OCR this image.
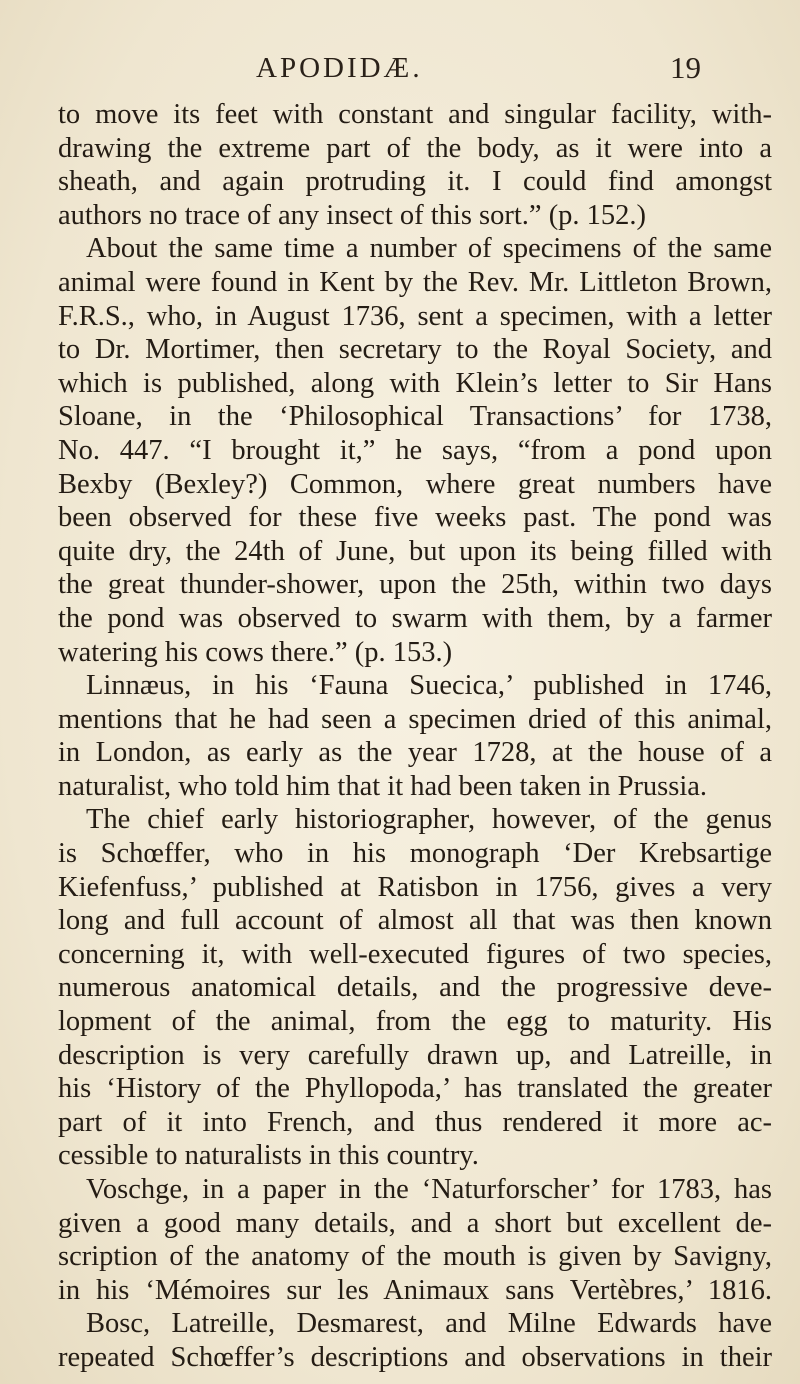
APODIDÆ.	19
to move its feet with constant and singular facility, with-
drawing the extreme part of the body, as it were into a
sheath, and again protruding it. I could find amongst
authors no trace of any insect of this sort.” (p. 152.)
About the same time a number of specimens of the same
animal were found in Kent by the Rev. Mr. Littleton Brown,
F.R.S., who, in August 1736, sent a specimen, with a letter
to Dr. Mortimer, then secretary to the Royal Society, and
which is published, along with Klein’s letter to Sir Hans
Sloane, in the ‘Philosophical Transactions’ for 1738,
No. 447. “I brought it,” he says, “from a pond upon
Bexby (Bexley?) Common, where great numbers have
been observed for these five weeks past. The pond was
quite dry, the 24th of June, but upon its being filled with
the great thunder-shower, upon the 25th, within two days
the pond was observed to swarm with them, by a farmer
watering his cows there.” (p. 153.)
Linnæus, in his ‘Fauna Suecica,’ published in 1746,
mentions that he had seen a specimen dried of this animal,
in London, as early as the year 1728, at the house of a
naturalist, who told him that it had been taken in Prussia.
The chief early historiographer, however, of the genus
is Schœffer, who in his monograph ‘Der Krebsartige
Kiefenfuss,’ published at Ratisbon in 1756, gives a very
long and full account of almost all that was then known
concerning it, with well-executed figures of two species,
numerous anatomical details, and the progressive deve-
lopment of the animal, from the egg to maturity. His
description is very carefully drawn up, and Latreille, in
his ‘History of the Phyllopoda,’ has translated the greater
part of it into French, and thus rendered it more ac-
cessible to naturalists in this country.
Voschge, in a paper in the ‘Naturforscher’ for 1783, has
given a good many details, and a short but excellent de-
scription of the anatomy of the mouth is given by Savigny,
in his ‘Mémoires sur les Animaux sans Vertèbres,’ 1816.
Bosc, Latreille, Desmarest, and Milne Edwards have
repeated Schœffer’s descriptions and observations in their
